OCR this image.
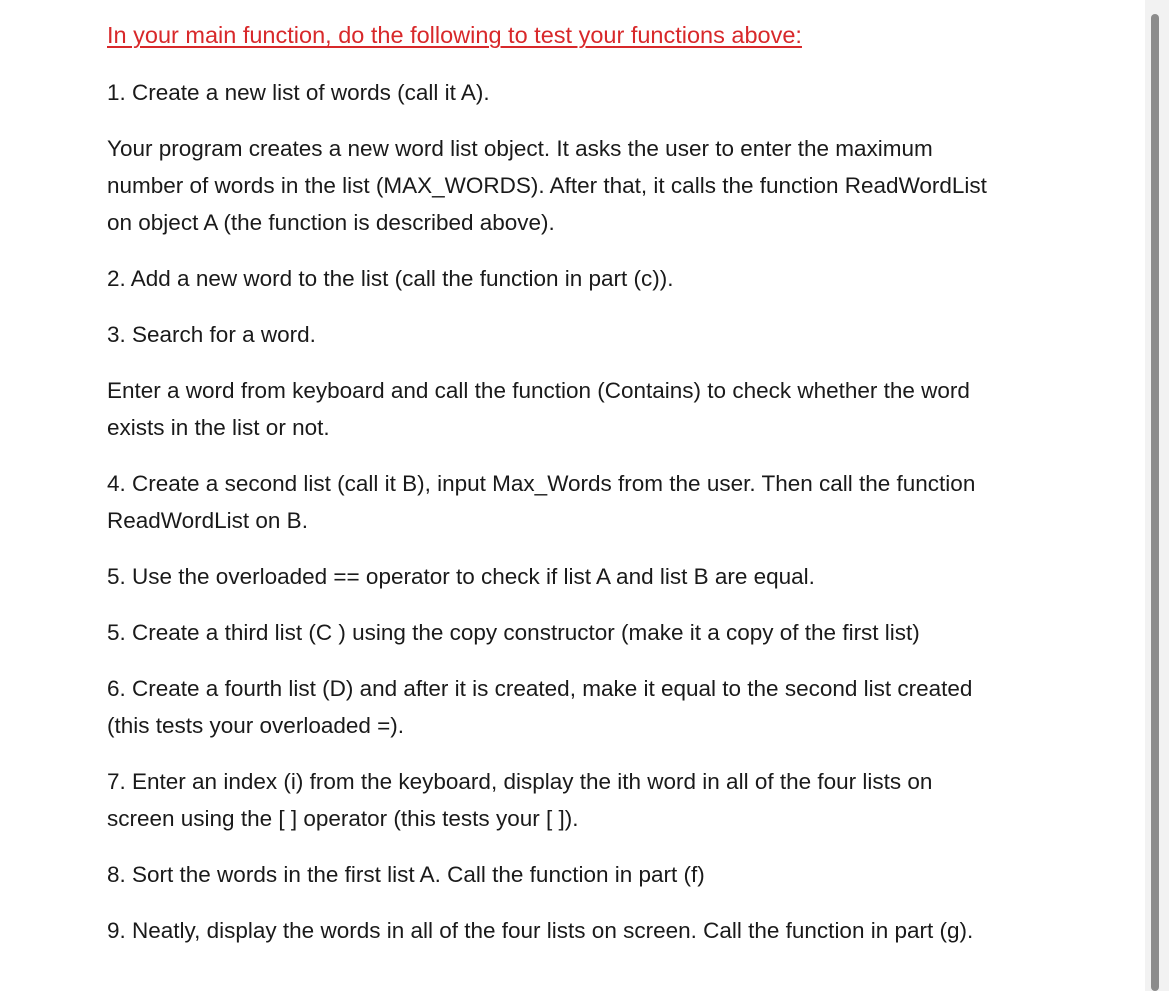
In your main function, do the following to test your functions above:
1. Create a new list of words (call it A).
Your program creates a new word list object. It asks the user to enter the maximum
number of words in the list (MAX_WORDS). After that, it calls the function ReadWordList
on object A (the function is described above).
2. Add a new word to the list (call the function in part (c)).
3. Search for a word.
Enter a word from keyboard and call the function (Contains) to check whether the word
exists in the list or not.
4. Create a second list (call it B), input Max_Words from the user. Then call the function
ReadWordList on B.
5. Use the overloaded == operator to check if list A and list B are equal.
5. Create a third list (C ) using the copy constructor (make it a copy of the first list)
6. Create a fourth list (D) and after it is created, make it equal to the second list created
(this tests your overloaded =).
7. Enter an index (i) from the keyboard, display the ith word in all of the four lists on
screen using the [ ] operator (this tests your [ ]).
8. Sort the words in the first list A. Call the function in part (f)
9. Neatly, display the words in all of the four lists on screen. Call the function in part (g).
